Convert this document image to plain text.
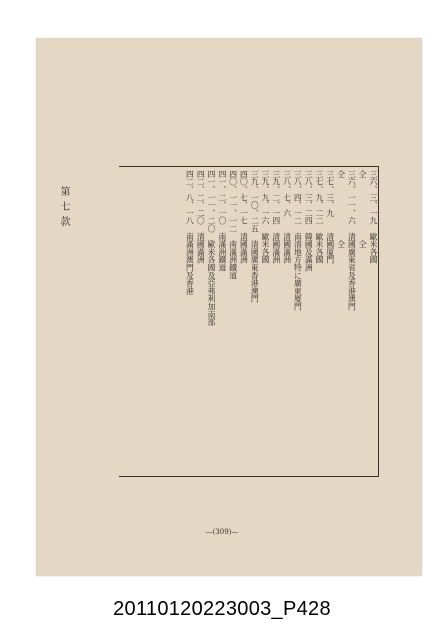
第七款	三六、三、一九　歐米各國
仝　　　　　　　　仝
三六、一一、六　清國廣東省及香港澳門
仝　　　　　　　　仝
三七、三、九　　清國厦門
三七、九、二二　歐米各國
三八、三、二四　韓國及滿洲
三八、四、一二　南清地方特に廣東厦門
三八、七、六　　清國滿洲
三九、二、一四　清國滿洲
三九、九、一六　歐米各國
三九、一〇、二五　清國廣東香港澳門
四〇、七、一七　清國滿洲
四〇、一一、一二　南滿洲鐵道
四一、二、一〇　南滿洲鐵道
四一、一一、二〇　歐米各國及亞弗利加南部
四二、二、二〇　清國滿洲
四二、八、一八　南滿洲澳門及香港
—(309)—
20110120223003_P428
